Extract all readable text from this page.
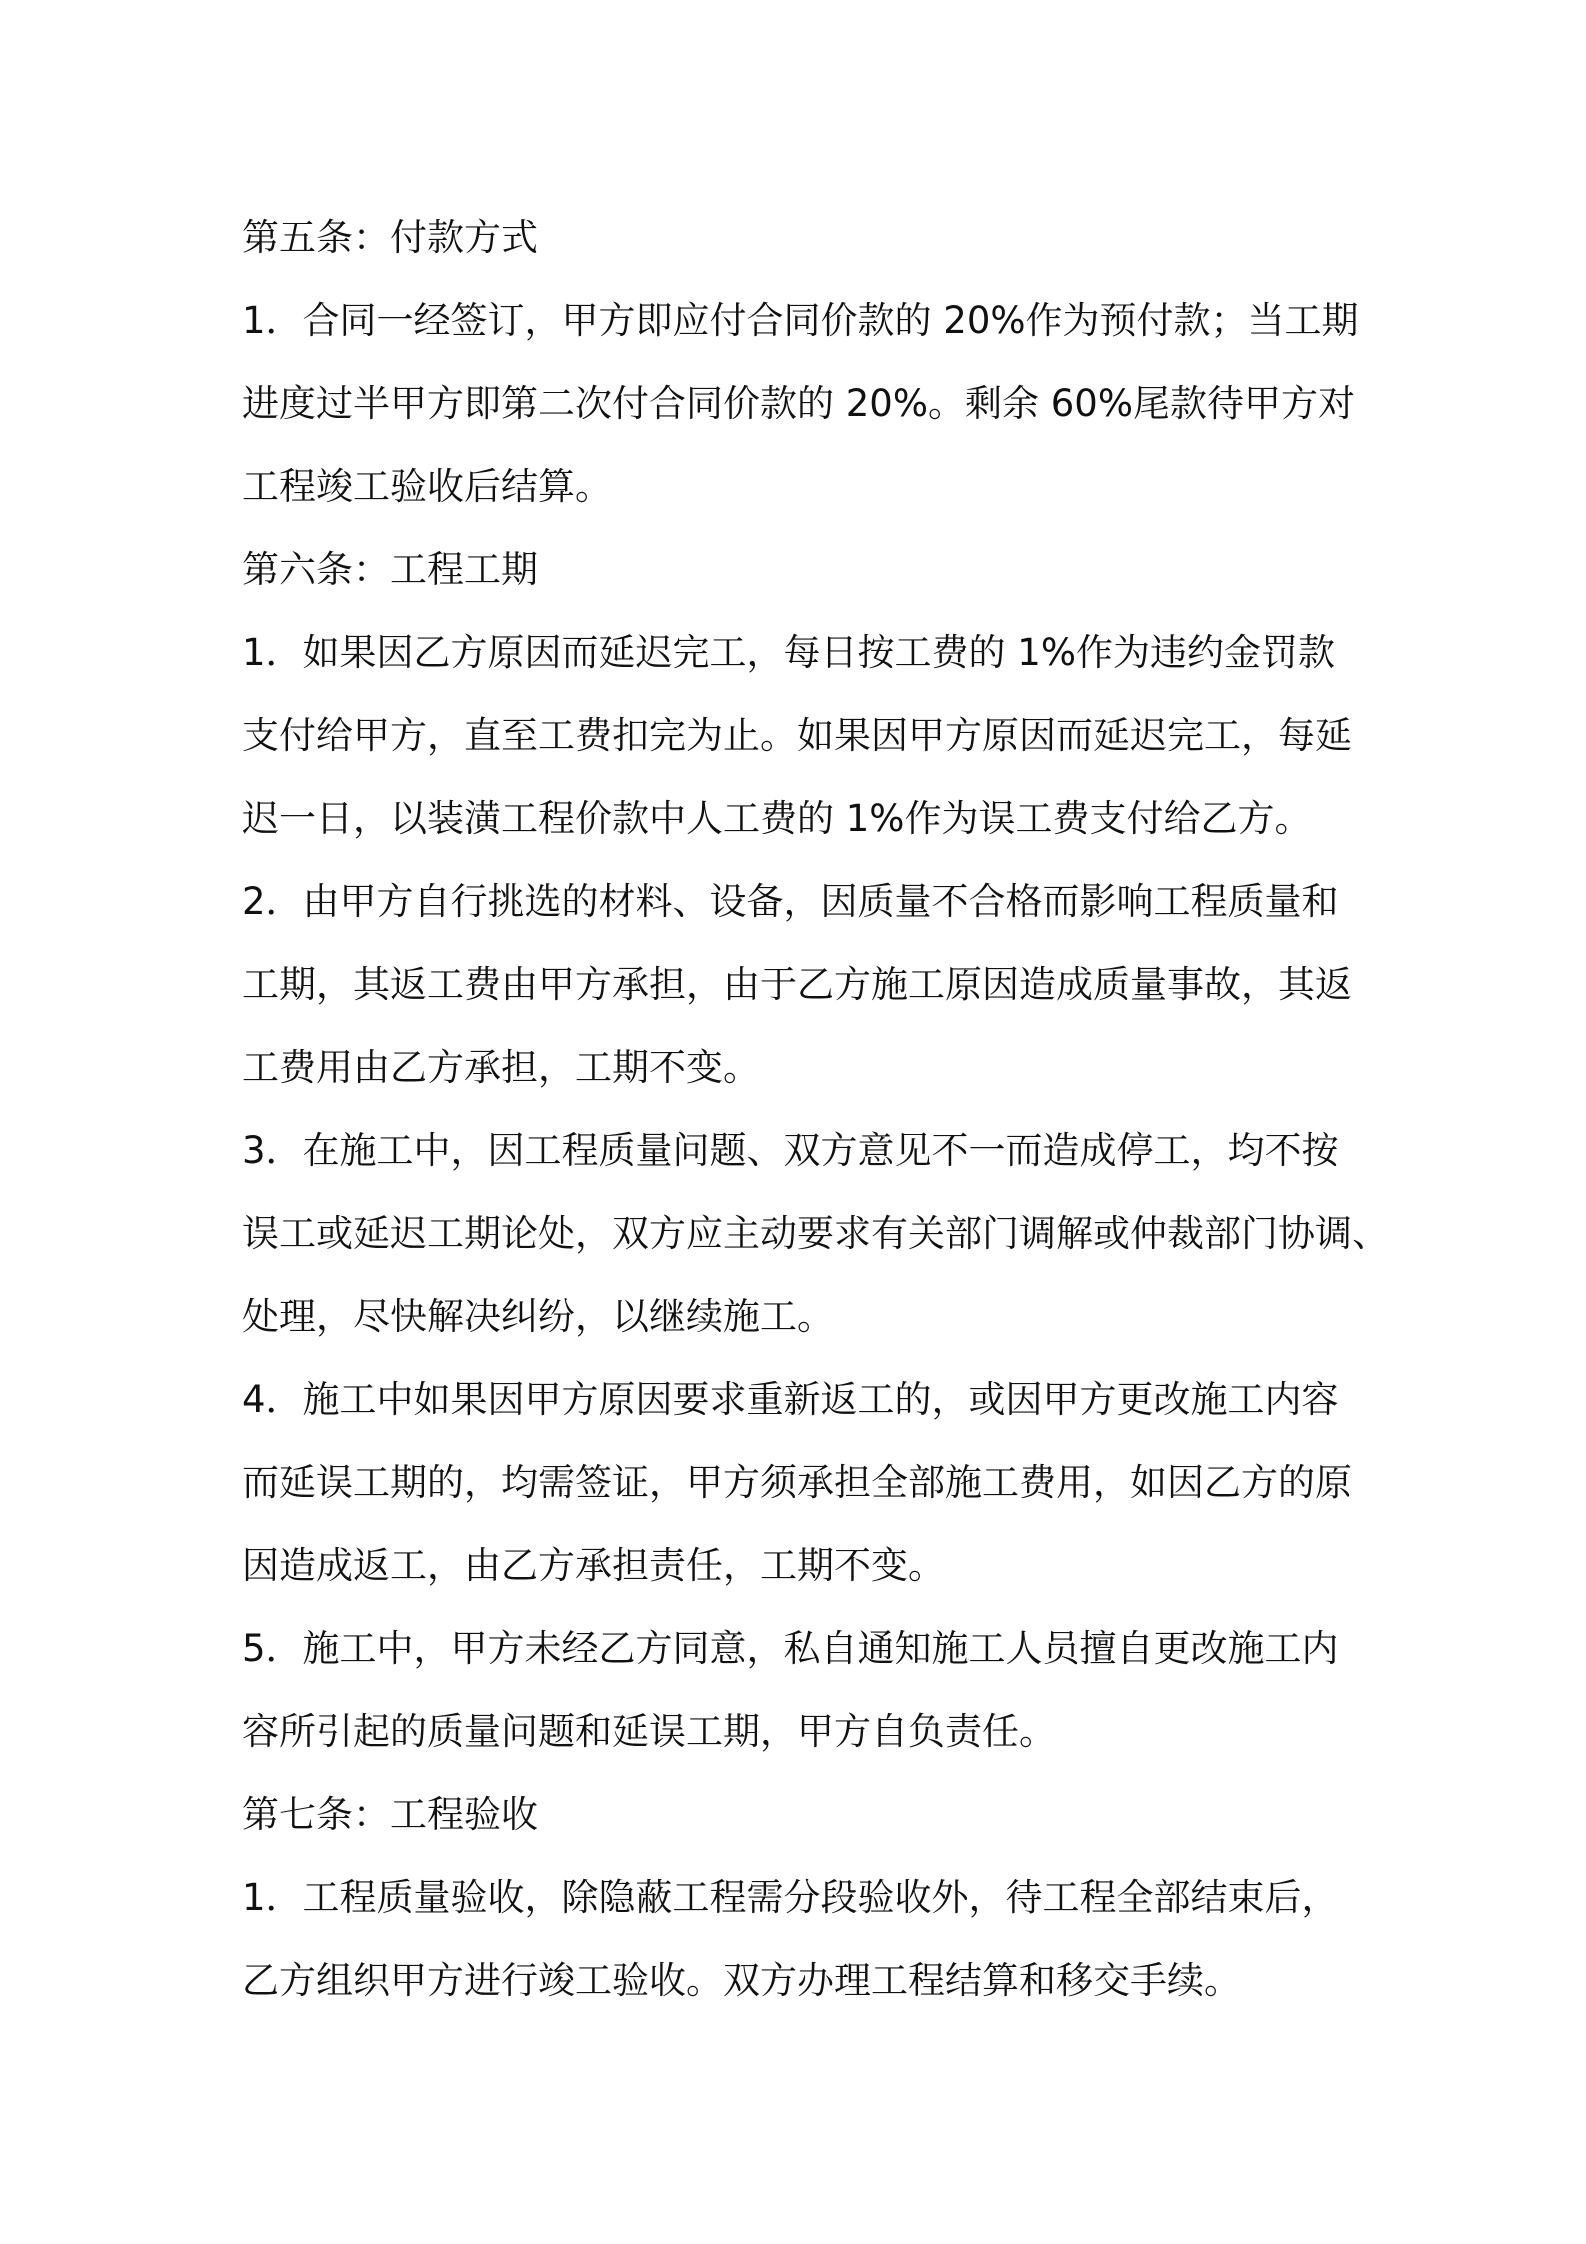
第五条：付款方式
1．合同一经签订，甲方即应付合同价款的 20%作为预付款；当工期
进度过半甲方即第二次付合同价款的 20%。剩余 60%尾款待甲方对
工程竣工验收后结算。
第六条：工程工期
1．如果因乙方原因而延迟完工，每日按工费的 1%作为违约金罚款
支付给甲方，直至工费扣完为止。如果因甲方原因而延迟完工，每延
迟一日，以装潢工程价款中人工费的 1%作为误工费支付给乙方。
2．由甲方自行挑选的材料、设备，因质量不合格而影响工程质量和
工期，其返工费由甲方承担，由于乙方施工原因造成质量事故，其返
工费用由乙方承担，工期不变。
3．在施工中，因工程质量问题、双方意见不一而造成停工，均不按
误工或延迟工期论处，双方应主动要求有关部门调解或仲裁部门协调、
处理，尽快解决纠纷，以继续施工。
4．施工中如果因甲方原因要求重新返工的，或因甲方更改施工内容
而延误工期的，均需签证，甲方须承担全部施工费用，如因乙方的原
因造成返工，由乙方承担责任，工期不变。
5．施工中，甲方未经乙方同意，私自通知施工人员擅自更改施工内
容所引起的质量问题和延误工期，甲方自负责任。
第七条：工程验收
1．工程质量验收，除隐蔽工程需分段验收外，待工程全部结束后，
乙方组织甲方进行竣工验收。双方办理工程结算和移交手续。
